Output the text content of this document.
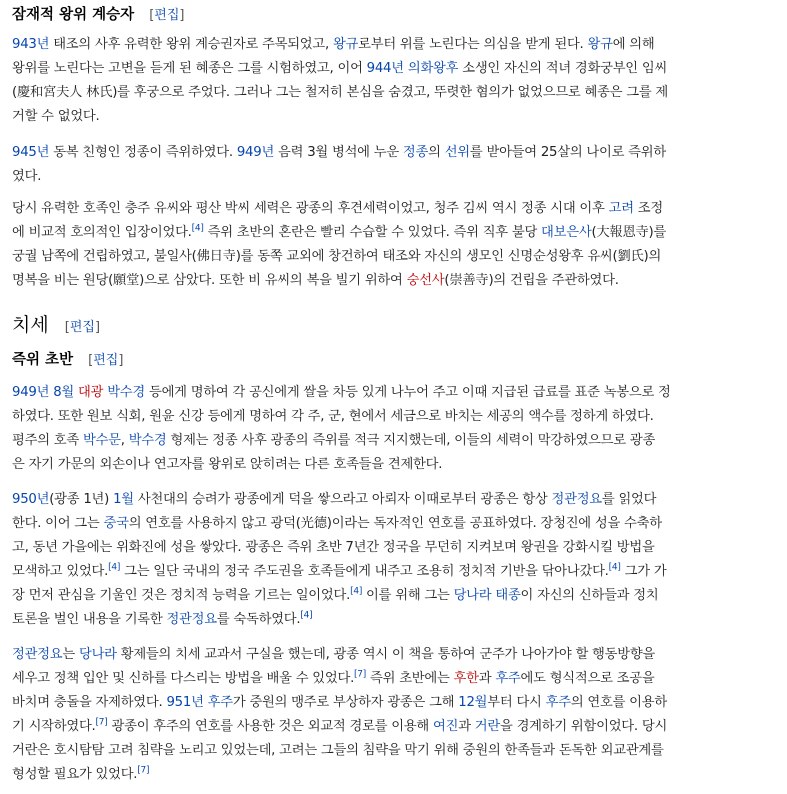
잠재적 왕위 계승자 [편집]
치세 [편집]
즉위 초반 [편집]
943년 태조의 사후 유력한 왕위 계승권자로 주목되었고, 왕규로부터 위를 노린다는 의심을 받게 된다. 왕규에 의해
왕위를 노린다는 고변을 듣게 된 혜종은 그를 시험하였고, 이어 944년 의화왕후 소생인 자신의 적녀 경화궁부인 임씨
(慶和宮夫人 林氏)를 후궁으로 주었다. 그러나 그는 철저히 본심을 숨겼고, 뚜렷한 혐의가 없었으므로 혜종은 그를 제
거할 수 없었다.
945년 동복 친형인 정종이 즉위하였다. 949년 음력 3월 병석에 누운 정종의 선위를 받아들여 25살의 나이로 즉위하
였다.
당시 유력한 호족인 충주 유씨와 평산 박씨 세력은 광종의 후견세력이었고, 청주 김씨 역시 정종 시대 이후 고려 조정
에 비교적 호의적인 입장이었다.[4] 즉위 초반의 혼란은 빨리 수습할 수 있었다. 즉위 직후 불당 대보은사(大報恩寺)를
궁궐 남쪽에 건립하였고, 불일사(佛日寺)를 동쪽 교외에 창건하여 태조와 자신의 생모인 신명순성왕후 유씨(劉氏)의
명복을 비는 원당(願堂)으로 삼았다. 또한 비 유씨의 복을 빌기 위하여 숭선사(崇善寺)의 건립을 주관하였다.
949년 8월 대광 박수경 등에게 명하여 각 공신에게 쌀을 차등 있게 나누어 주고 이때 지급된 급료를 표준 녹봉으로 정
하였다. 또한 원보 식회, 원윤 신강 등에게 명하여 각 주, 군, 현에서 세금으로 바치는 세공의 액수를 정하게 하였다.
평주의 호족 박수문, 박수경 형제는 정종 사후 광종의 즉위를 적극 지지했는데, 이들의 세력이 막강하였으므로 광종
은 자기 가문의 외손이나 연고자를 왕위로 앉히려는 다른 호족들을 견제한다.
950년(광종 1년) 1월 사천대의 승려가 광종에게 덕을 쌓으라고 아뢰자 이때로부터 광종은 항상 정관정요를 읽었다
한다. 이어 그는 중국의 연호를 사용하지 않고 광덕(光德)이라는 독자적인 연호를 공표하였다. 장청진에 성을 수축하
고, 동년 가을에는 위화진에 성을 쌓았다. 광종은 즉위 초반 7년간 정국을 무던히 지켜보며 왕권을 강화시킬 방법을
모색하고 있었다.[4] 그는 일단 국내의 정국 주도권을 호족들에게 내주고 조용히 정치적 기반을 닦아나갔다.[4] 그가 가
장 먼저 관심을 기울인 것은 정치적 능력을 기르는 일이었다.[4] 이를 위해 그는 당나라 태종이 자신의 신하들과 정치
토론을 벌인 내용을 기록한 정관정요를 숙독하였다.[4]
정관정요는 당나라 황제들의 치세 교과서 구실을 했는데, 광종 역시 이 책을 통하여 군주가 나아가야 할 행동방향을
세우고 정책 입안 및 신하를 다스리는 방법을 배울 수 있었다.[7] 즉위 초반에는 후한과 후주에도 형식적으로 조공을
바치며 충돌을 자제하였다. 951년 후주가 중원의 맹주로 부상하자 광종은 그해 12월부터 다시 후주의 연호를 이용하
기 시작하였다.[7] 광종이 후주의 연호를 사용한 것은 외교적 경로를 이용해 여진과 거란을 경계하기 위함이었다. 당시
거란은 호시탐탐 고려 침략을 노리고 있었는데, 고려는 그들의 침략을 막기 위해 중원의 한족들과 돈독한 외교관계를
형성할 필요가 있었다.[7]
